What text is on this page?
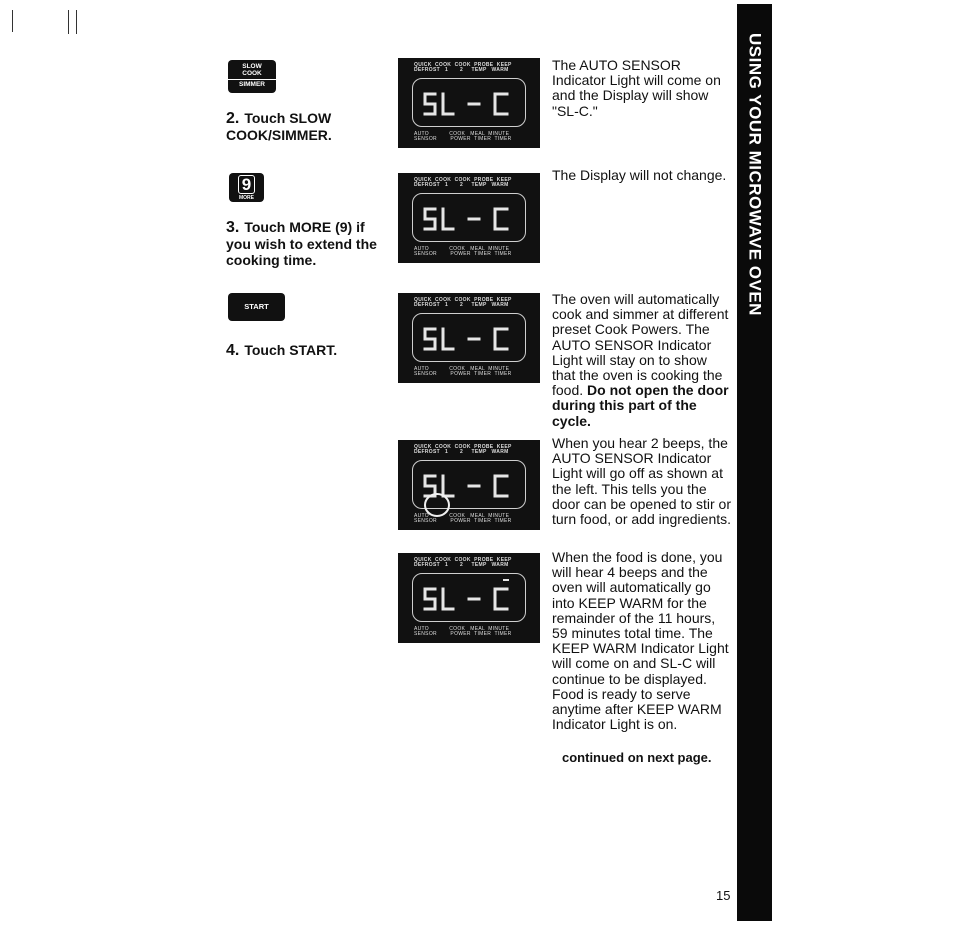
USING YOUR MICROWAVE OVEN
SLOW
COOK
SIMMER
9
MORE
START
2. Touch SLOW COOK/SIMMER.
3. Touch MORE (9) if you wish to extend the cooking time.
4. Touch START.
QUICK  COOK  COOK  PROBE  KEEP
DEFROST   1       2     TEMP   WARM
SL-C
AUTO            COOK   MEAL  MINUTE
SENSOR        POWER  TIMER  TIMER
QUICK  COOK  COOK  PROBE  KEEP
DEFROST   1       2     TEMP   WARM
AUTO            COOK   MEAL  MINUTE
SENSOR        POWER  TIMER  TIMER
QUICK  COOK  COOK  PROBE  KEEP
DEFROST   1       2     TEMP   WARM
AUTO            COOK   MEAL  MINUTE
SENSOR        POWER  TIMER  TIMER
QUICK  COOK  COOK  PROBE  KEEP
DEFROST   1       2     TEMP   WARM
AUTO            COOK   MEAL  MINUTE
SENSOR        POWER  TIMER  TIMER
QUICK  COOK  COOK  PROBE  KEEP
DEFROST   1       2     TEMP   WARM
AUTO            COOK   MEAL  MINUTE
SENSOR        POWER  TIMER  TIMER
The AUTO SENSOR Indicator Light will come on and the Display will show "SL-C."
The Display will not change.
The oven will automatically cook and simmer at different preset Cook Powers. The AUTO SENSOR Indicator Light will stay on to show that the oven is cooking the food. Do not open the door during this part of the cycle.
When you hear 2 beeps, the AUTO SENSOR Indicator Light will go off as shown at the left. This tells you the door can be opened to stir or turn food, or add ingredients.
When the food is done, you will hear 4 beeps and the oven will automatically go into KEEP WARM for the remainder of the 11 hours, 59 minutes total time. The KEEP WARM Indicator Light will come on and SL-C will continue to be displayed. Food is ready to serve anytime after KEEP WARM Indicator Light is on.
continued on next page.
15
